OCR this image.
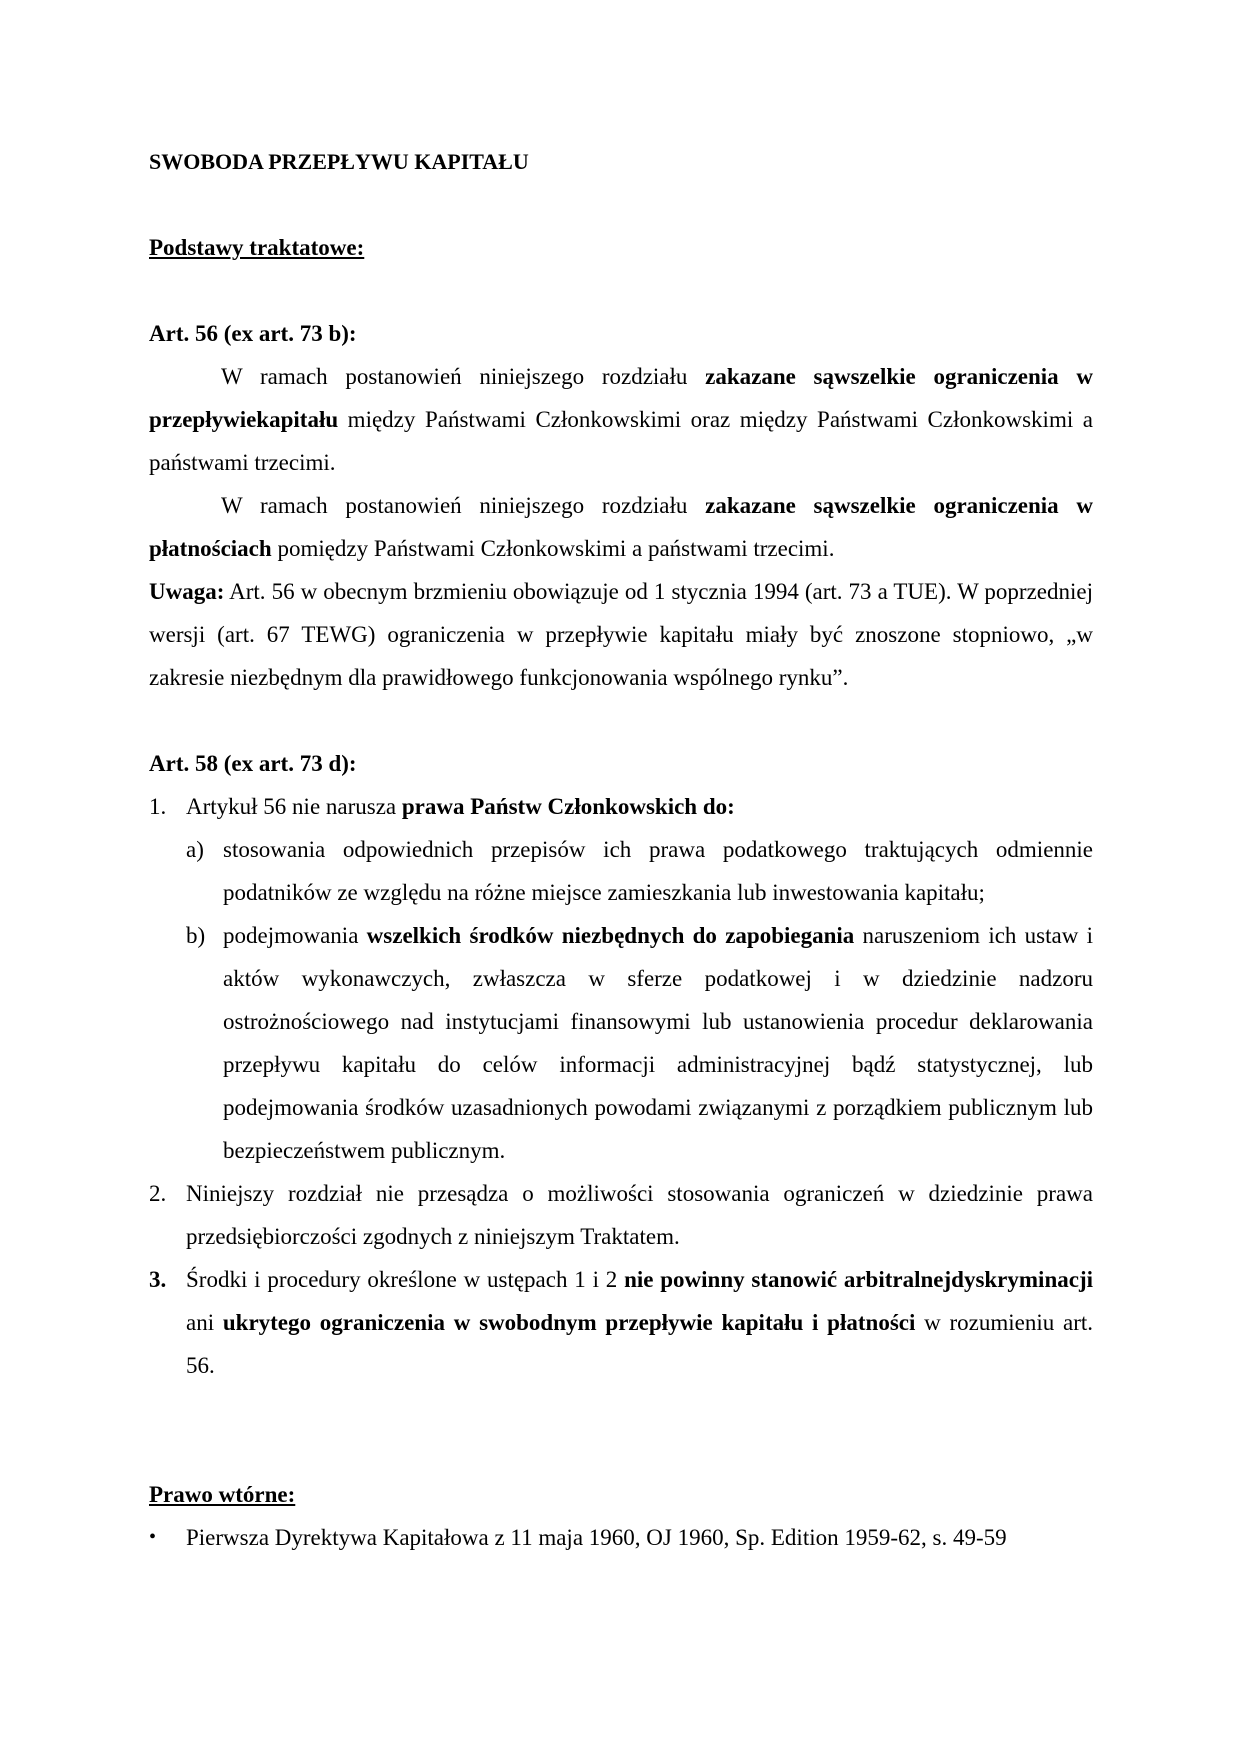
SWOBODA PRZEPŁYWU KAPITAŁU

Podstawy traktatowe:

Art. 56 (ex art. 73 b):

W ramach postanowień niniejszego rozdziału zakazane sąwszelkie ograniczenia w przepływiekapitału między Państwami Członkowskimi oraz między Państwami Członkowskimi a państwami trzecimi.

W ramach postanowień niniejszego rozdziału zakazane sąwszelkie ograniczenia w płatnościach pomiędzy Państwami Członkowskimi a państwami trzecimi.

Uwaga: Art. 56 w obecnym brzmieniu obowiązuje od 1 stycznia 1994 (art. 73 a TUE). W poprzedniej wersji (art. 67 TEWG) ograniczenia w przepływie kapitału miały być znoszone stopniowo, „w zakresie niezbędnym dla prawidłowego funkcjonowania wspólnego rynku”.

Art. 58 (ex art. 73 d):

1. Artykuł 56 nie narusza prawa Państw Członkowskich do:
a) stosowania odpowiednich przepisów ich prawa podatkowego traktujących odmiennie podatników ze względu na różne miejsce zamieszkania lub inwestowania kapitału;
b) podejmowania wszelkich środków niezbędnych do zapobiegania naruszeniom ich ustaw i aktów wykonawczych, zwłaszcza w sferze podatkowej i w dziedzinie nadzoru ostrożnościowego nad instytucjami finansowymi lub ustanowienia procedur deklarowania przepływu kapitału do celów informacji administracyjnej bądź statystycznej, lub podejmowania środków uzasadnionych powodami związanymi z porządkiem publicznym lub bezpieczeństwem publicznym.
2. Niniejszy rozdział nie przesądza o możliwości stosowania ograniczeń w dziedzinie prawa przedsiębiorczości zgodnych z niniejszym Traktatem.
3. Środki i procedury określone w ustępach 1 i 2 nie powinny stanowić arbitralnejdyskryminacji ani ukrytego ograniczenia w swobodnym przepływie kapitału i płatności w rozumieniu art. 56.

Prawo wtórne:

• Pierwsza Dyrektywa Kapitałowa z 11 maja 1960, OJ 1960, Sp. Edition 1959-62, s. 49-59
